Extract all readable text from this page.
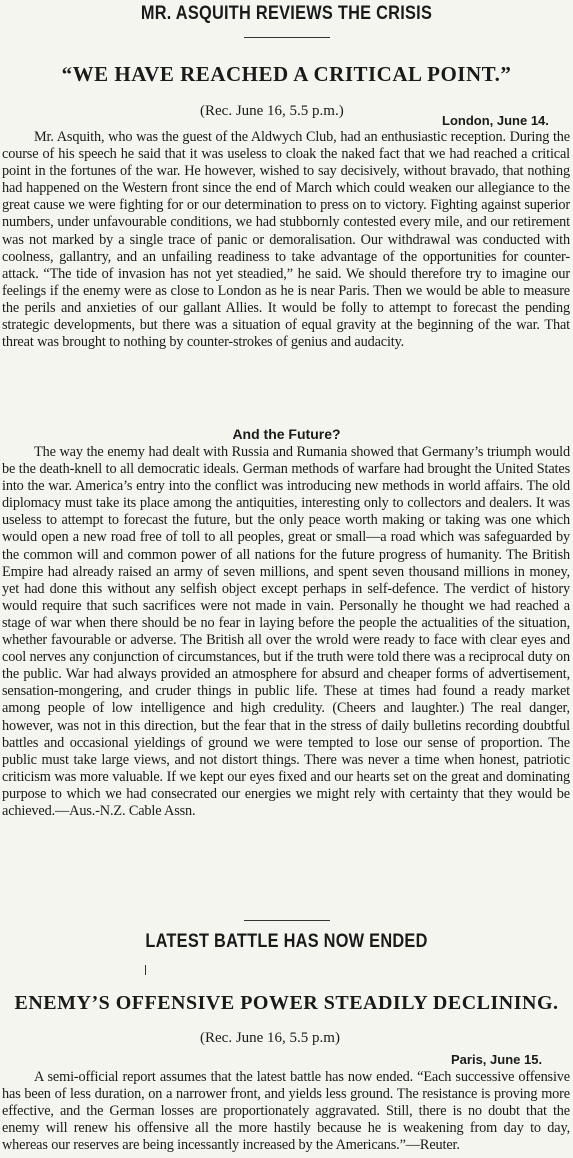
MR. ASQUITH REVIEWS THE CRISIS
“WE HAVE REACHED A CRITICAL POINT.”
(Rec. June 16, 5.5 p.m.)
London, June 14.

Mr. Asquith, who was the guest of the Aldwych Club, had an enthusiastic reception. During the course of his speech he said that it was useless to cloak the naked fact that we had reached a critical point in the fortunes of the war. He however, wished to say decisively, without bravado, that nothing had happened on the Western front since the end of March which could weaken our allegiance to the great cause we were fighting for or our determination to press on to victory. Fighting against superior numbers, under unfavourable conditions, we had stubbornly contested every mile, and our retirement was not marked by a single trace of panic or demoralisation. Our withdrawal was conducted with coolness, gallantry, and an unfailing readiness to take advantage of the opportunities for counter-attack. “The tide of invasion has not yet steadied,” he said. We should therefore try to imagine our feelings if the enemy were as close to London as he is near Paris. Then we would be able to measure the perils and anxieties of our gallant Allies. It would be folly to attempt to forecast the pending strategic developments, but there was a situation of equal gravity at the beginning of the war. That threat was brought to nothing by counter-strokes of genius and audacity.

And the Future?

The way the enemy had dealt with Russia and Rumania showed that Germany’s triumph would be the death-knell to all democratic ideals. German methods of warfare had brought the United States into the war. America’s entry into the conflict was introducing new methods in world affairs. The old diplomacy must take its place among the antiquities, interesting only to collectors and dealers. It was useless to attempt to forecast the future, but the only peace worth making or taking was one which would open a new road free of toll to all peoples, great or small—a road which was safeguarded by the common will and common power of all nations for the future progress of humanity. The British Empire had already raised an army of seven millions, and spent seven thousand millions in money, yet had done this without any selfish object except perhaps in self-defence. The verdict of history would require that such sacrifices were not made in vain. Personally he thought we had reached a stage of war when there should be no fear in laying before the people the actualities of the situation, whether favourable or adverse. The British all over the wrold were ready to face with clear eyes and cool nerves any conjunction of circumstances, but if the truth were told there was a reciprocal duty on the public. War had always provided an atmosphere for absurd and cheaper forms of advertisement, sensation-mongering, and cruder things in public life. These at times had found a ready market among people of low intelligence and high credulity. (Cheers and laughter.) The real danger, however, was not in this direction, but the fear that in the stress of daily bulletins recording doubtful battles and occasional yieldings of ground we were tempted to lose our sense of proportion. The public must take large views, and not distort things. There was never a time when honest, patriotic criticism was more valuable. If we kept our eyes fixed and our hearts set on the great and dominating purpose to which we had consecrated our energies we might rely with certainty that they would be achieved.—Aus.-N.Z. Cable Assn.

LATEST BATTLE HAS NOW ENDED
ENEMY’S OFFENSIVE POWER STEADILY DECLINING.
(Rec. June 16, 5.5 p.m)
Paris, June 15.

A semi-official report assumes that the latest battle has now ended. “Each successive offensive has been of less duration, on a narrower front, and yields less ground. The resistance is proving more effective, and the German losses are proportionately aggravated. Still, there is no doubt that the enemy will renew his offensive all the more hastily because he is weakening from day to day, whereas our reserves are being incessantly increased by the Americans.”—Reuter.
